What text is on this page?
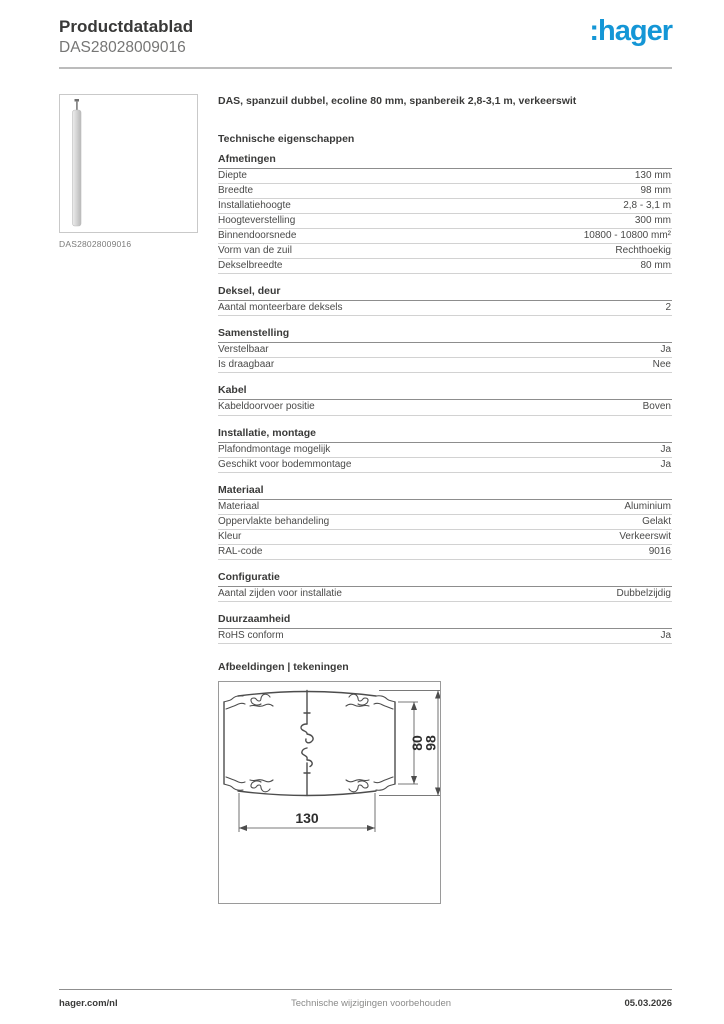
Productdatablad
DAS28028009016
:hager
DAS28028009016
DAS, spanzuil dubbel, ecoline 80 mm, spanbereik 2,8-3,1 m, verkeerswit
Technische eigenschappen
Afmetingen
Diepte	130 mm
Breedte	98 mm
Installatiehoogte	2,8 - 3,1 m
Hoogteverstelling	300 mm
Binnendoorsnede	10800 - 10800 mm²
Vorm van de zuil	Rechthoekig
Dekselbreedte	80 mm
Deksel, deur
Aantal monteerbare deksels	2
Samenstelling
Verstelbaar	Ja
Is draagbaar	Nee
Kabel
Kabeldoorvoer positie	Boven
Installatie, montage
Plafondmontage mogelijk	Ja
Geschikt voor bodemmontage	Ja
Materiaal
Materiaal	Aluminium
Oppervlakte behandeling	Gelakt
Kleur	Verkeerswit
RAL-code	9016
Configuratie
Aantal zijden voor installatie	Dubbelzijdig
Duurzaamheid
RoHS conform	Ja
Afbeeldingen | tekeningen
80
98
130
hager.com/nl	Technische wijzigingen voorbehouden	05.03.2026
